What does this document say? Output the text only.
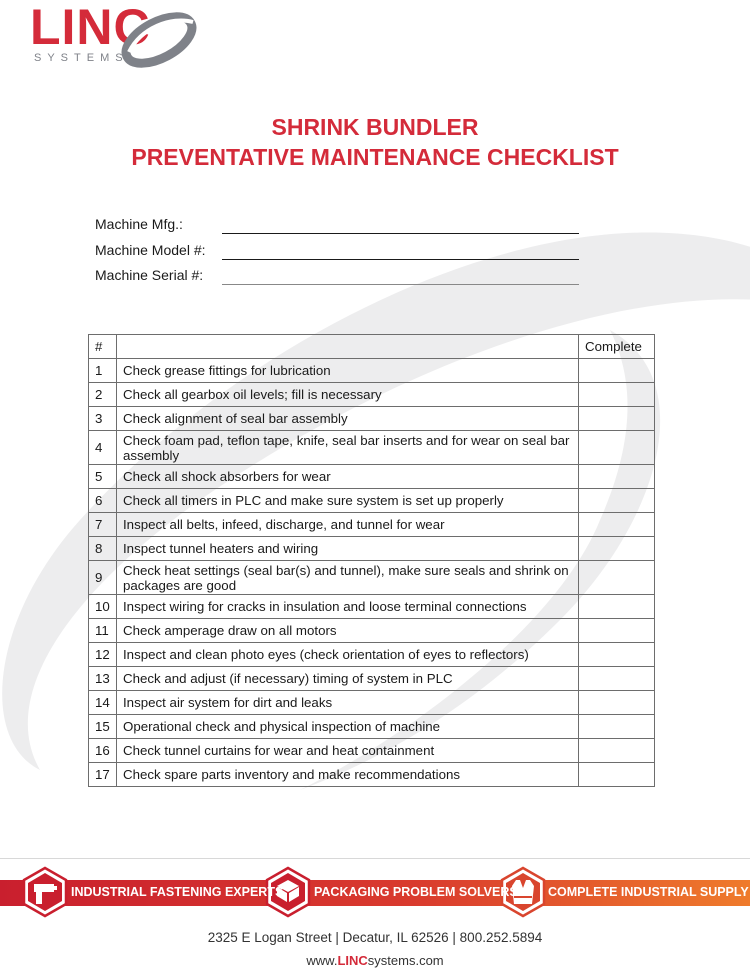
LINC
SYSTEMS
SHRINK BUNDLER
PREVENTATIVE MAINTENANCE CHECKLIST
Machine Mfg.:
Machine Model #:
Machine Serial #:
#		Complete
1	Check grease fittings for lubrication	
2	Check all gearbox oil levels; fill is necessary	
3	Check alignment of seal bar assembly	
4	Check foam pad, teflon tape, knife, seal bar inserts and for wear on seal bar assembly	
5	Check all shock absorbers for wear	
6	Check all timers in PLC and make sure system is set up properly	
7	Inspect all belts, infeed, discharge, and tunnel for wear	
8	Inspect tunnel heaters and wiring	
9	Check heat settings (seal bar(s) and tunnel), make sure seals and shrink on packages are good	
10	Inspect wiring for cracks in insulation and loose terminal connections	
11	Check amperage draw on all motors	
12	Inspect and clean photo eyes (check orientation of eyes to reflectors)	
13	Check and adjust (if necessary) timing of system in PLC	
14	Inspect air system for dirt and leaks	
15	Operational check and physical inspection of machine	
16	Check tunnel curtains for wear and heat containment	
17	Check spare parts inventory and make recommendations	
INDUSTRIAL FASTENING EXPERTS PACKAGING PROBLEM SOLVERS COMPLETE INDUSTRIAL SUPPLY
2325 E Logan Street | Decatur, IL 62526 | 800.252.5894
www.LINCsystems.com
